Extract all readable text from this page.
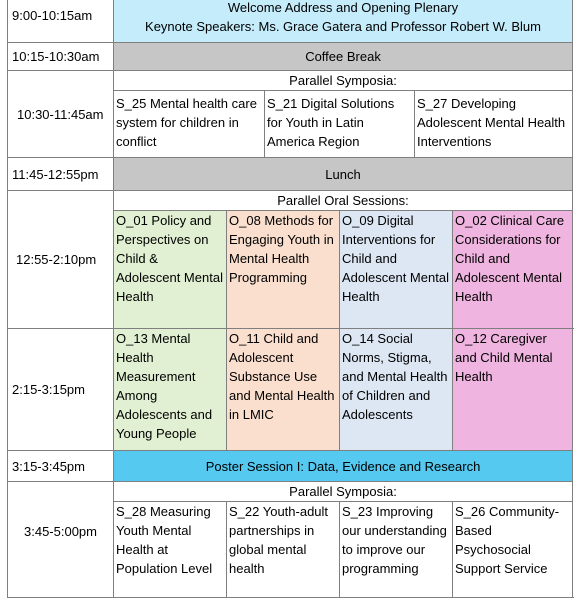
9:00-10:15am	Welcome Address and Opening Plenary
Keynote Speakers: Ms. Grace Gatera and Professor Robert W. Blum						

10:15-10:30am	Coffee Break						
10:30-11:45am	Parallel Symposia:						
	S_25 Mental health care system for children in conflict		S_21 Digital Solutions for Youth in Latin America Region		S_27 Developing Adolescent Mental Health Interventions		
11:45-12:55pm	Lunch						
12:55-2:10pm	Parallel Oral Sessions:						
	O_01 Policy and Perspectives on Child & Adolescent Mental Health	O_08 Methods for Engaging Youth in Mental Health Programming		O_09 Digital Interventions for Child and Adolescent Mental Health		O_02 Clinical Care Considerations for Child and Adolescent Mental Health	
2:15-3:15pm	O_13 Mental Health Measurement Among Adolescents and Young People	O_11 Child and Adolescent Substance Use and Mental Health in LMIC		O_14 Social Norms, Stigma, and Mental Health of Children and Adolescents		O_12 Caregiver and Child Mental Health	
3:15-3:45pm	Poster Session I: Data, Evidence and Research						
3:45-5:00pm	Parallel Symposia:						
	S_28 Measuring Youth Mental Health at Population Level	S_22 Youth-adult partnerships in global mental health		S_23 Improving our understanding to improve our programming		S_26 Community-Based Psychosocial Support Service	
